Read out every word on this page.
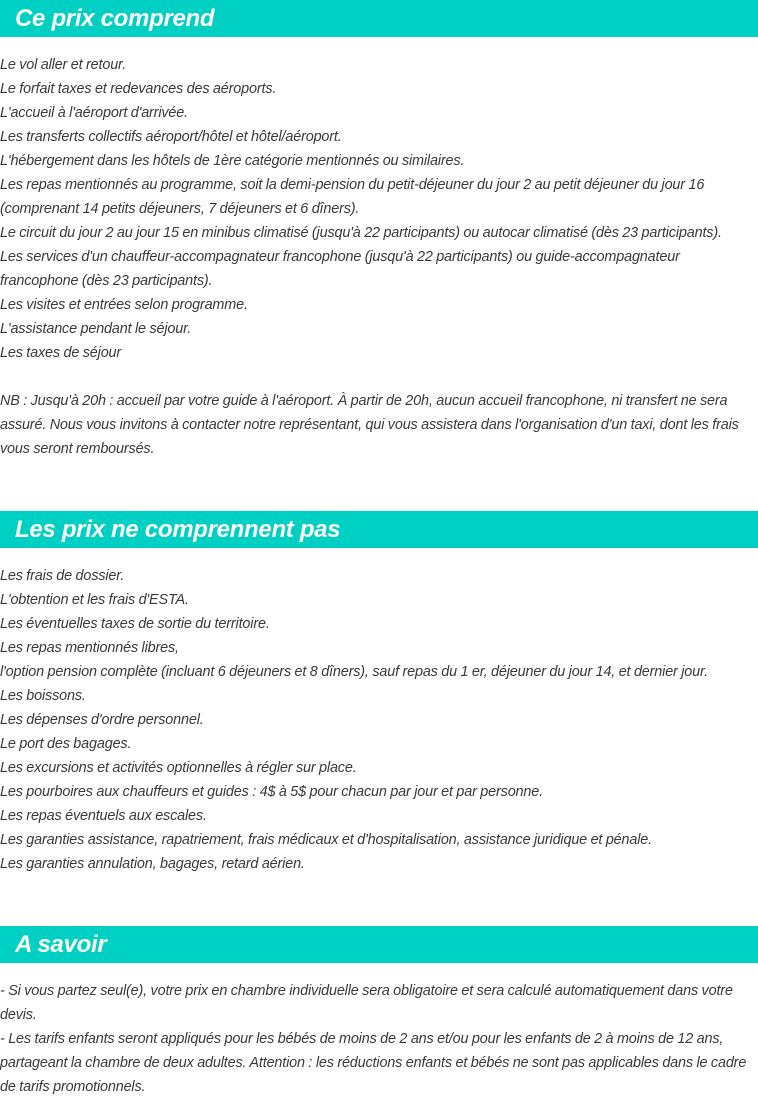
Ce prix comprend
Le vol aller et retour.
Le forfait taxes et redevances des aéroports.
L'accueil à l'aéroport d'arrivée.
Les transferts collectifs aéroport/hôtel et hôtel/aéroport.
L'hébergement dans les hôtels de 1ère catégorie mentionnés ou similaires.
Les repas mentionnés au programme, soit la demi-pension du petit-déjeuner du jour 2 au petit déjeuner du jour 16 (comprenant 14 petits déjeuners, 7 déjeuners et 6 dîners).
Le circuit du jour 2 au jour 15 en minibus climatisé (jusqu'à 22 participants) ou autocar climatisé (dès 23 participants).
Les services d'un chauffeur-accompagnateur francophone (jusqu'à 22 participants) ou guide-accompagnateur francophone (dès 23 participants).
Les visites et entrées selon programme.
L'assistance pendant le séjour.
Les taxes de séjour

NB : Jusqu'à 20h : accueil par votre guide à l'aéroport. À partir de 20h, aucun accueil francophone, ni transfert ne sera assuré. Nous vous invitons à contacter notre représentant, qui vous assistera dans l'organisation d'un taxi, dont les frais vous seront remboursés.

Les prix ne comprennent pas
Les frais de dossier.
L'obtention et les frais d'ESTA.
Les éventuelles taxes de sortie du territoire.
Les repas mentionnés libres,
l'option pension complète (incluant 6 déjeuners et 8 dîners), sauf repas du 1 er, déjeuner du jour 14, et dernier jour.
Les boissons.
Les dépenses d'ordre personnel.
Le port des bagages.
Les excursions et activités optionnelles à régler sur place.
Les pourboires aux chauffeurs et guides : 4$ à 5$ pour chacun par jour et par personne.
Les repas éventuels aux escales.
Les garanties assistance, rapatriement, frais médicaux et d'hospitalisation, assistance juridique et pénale.
Les garanties annulation, bagages, retard aérien.
A savoir
- Si vous partez seul(e), votre prix en chambre individuelle sera obligatoire et sera calculé automatiquement dans votre devis.
- Les tarifs enfants seront appliqués pour les bébés de moins de 2 ans et/ou pour les enfants de 2 à moins de 12 ans, partageant la chambre de deux adultes. Attention : les réductions enfants et bébés ne sont pas applicables dans le cadre de tarifs promotionnels.
